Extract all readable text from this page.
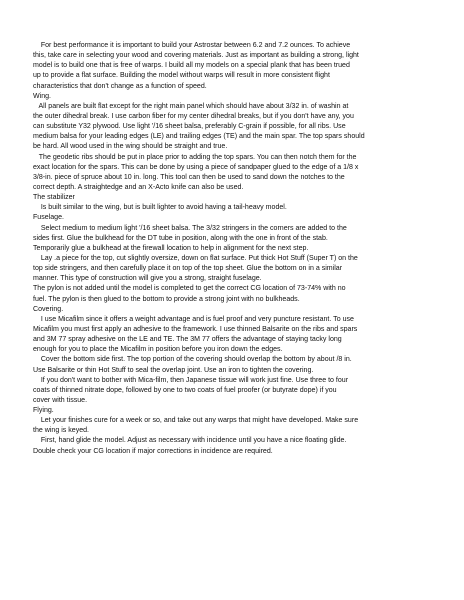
For best performance it is important to build your Astrostar between 6.2 and 7.2 ounces. To achieve
this, take care in selecting your wood and covering materials. Just as important as building a strong, light
model is to build one that is free of warps. I build all my models on a special plank that has been trued
up to provide a flat surface. Building the model without warps will result in more consistent flight
characteristics that don't change as a function of speed.
Wing.
All panels are built flat except for the right main panel which should have about 3/32 in. of washin at
the outer dihedral break. I use carbon fiber for my center dihedral breaks, but if you don't have any, you
can substitute Y32 plywood. Use light '/16 sheet balsa, preferably C-grain if possible, for all ribs. Use
medium balsa for your leading edges (LE) and trailing edges (TE) and the main spar. The top spars should
be hard. All wood used in the wing should be straight and true.
The geodetic ribs should be put in place prior to adding the top spars. You can then notch them for the
exact location for the spars. This can be done by using a piece of sandpaper glued to the edge of a 1/8 x
3/8-in. piece of spruce about 10 in. long. This tool can then be used to sand down the notches to the
correct depth. A straightedge and an X-Acto knife can also be used.
The stabilizer
Is built similar to the wing, but is built lighter to avoid having a tail-heavy model.
Fuselage.
Select medium to medium light '/16 sheet balsa. The 3/32 stringers in the corners are added to the
sides first. Glue the bulkhead for the DT tube in position, along with the one in front of the stab.
Temporarily glue a bulkhead at the firewall location to help in alignment for the next step.
Lay .a piece for the top, cut slightly oversize, down on flat surface. Put thick Hot Stuff (Super T) on the
top side stringers, and then carefully place it on top of the top sheet. Glue the bottom on in a similar
manner. This type of construction will give you a strong, straight fuselage.
The pylon is not added until the model is completed to get the correct CG location of 73-74% with no
fuel. The pylon is then glued to the bottom to provide a strong joint with no bulkheads.
Covering.
I use Micafilm since it offers a weight advantage and is fuel proof and very puncture resistant. To use
Micafilm you must first apply an adhesive to the framework. I use thinned Balsarite on the ribs and spars
and 3M 77 spray adhesive on the LE and TE. The 3M 77 offers the advantage of staying tacky long
enough for you to place the Micafilm in position before you iron down the edges.
Cover the bottom side first. The top portion of the covering should overlap the bottom by about /8 in.
Use Balsarite or thin Hot Stuff to seal the overlap joint. Use an iron to tighten the covering.
If you don't want to bother with Mica-film, then Japanese tissue will work just fine. Use three to four
coats of thinned nitrate dope, followed by one to two coats of fuel proofer (or butyrate dope) if you
cover with tissue.
Flying.
Let your finishes cure for a week or so, and take out any warps that might have developed. Make sure
the wing is keyed.
First, hand glide the model. Adjust as necessary with incidence until you have a nice floating glide.
Double check your CG location if major corrections in incidence are required.
